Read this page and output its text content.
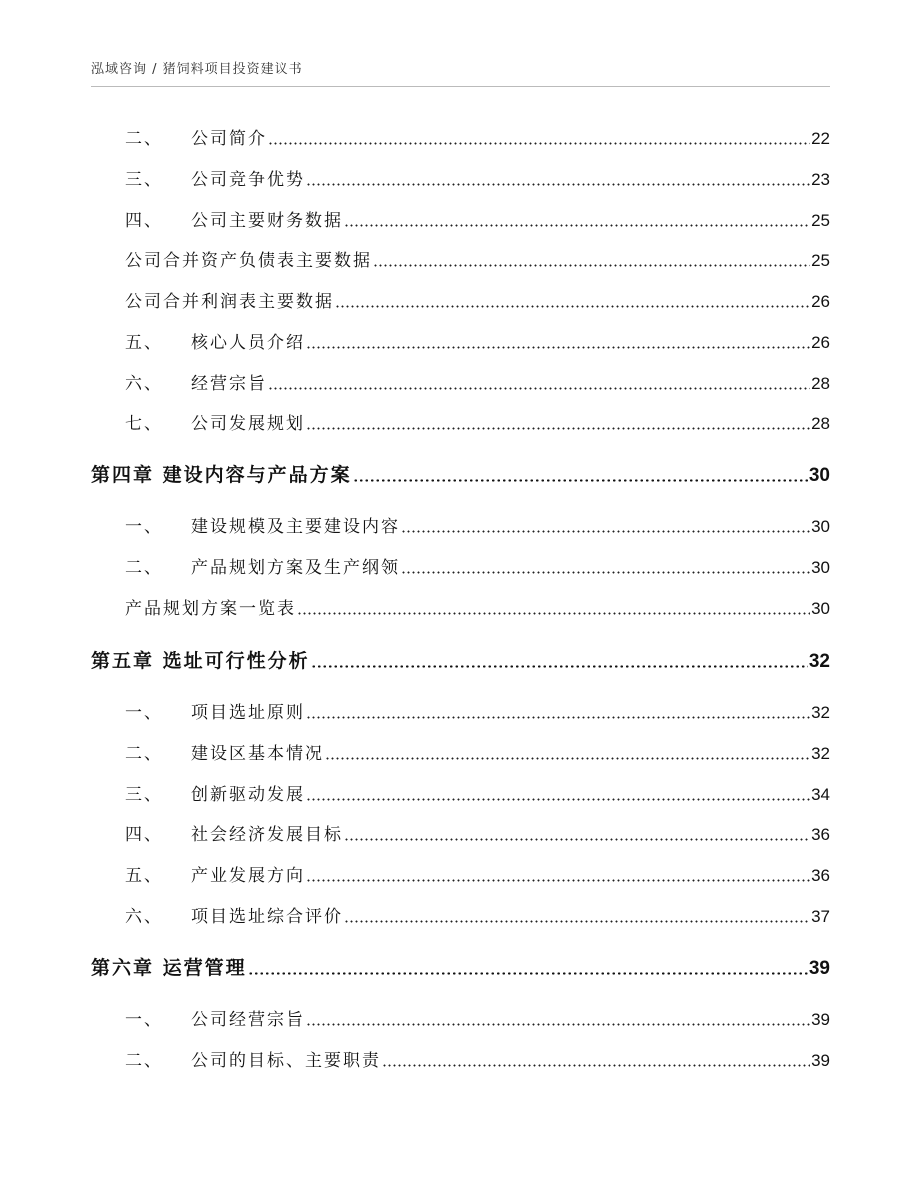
泓域咨询 / 猪饲料项目投资建议书
二、 公司简介	22
三、 公司竞争优势	23
四、 公司主要财务数据	25
公司合并资产负债表主要数据	25
公司合并利润表主要数据	26
五、 核心人员介绍	26
六、 经营宗旨	28
七、 公司发展规划	28
第四章 建设内容与产品方案	30
一、 建设规模及主要建设内容	30
二、 产品规划方案及生产纲领	30
产品规划方案一览表	30
第五章 选址可行性分析	32
一、 项目选址原则	32
二、 建设区基本情况	32
三、 创新驱动发展	34
四、 社会经济发展目标	36
五、 产业发展方向	36
六、 项目选址综合评价	37
第六章 运营管理	39
一、 公司经营宗旨	39
二、 公司的目标、主要职责	39
